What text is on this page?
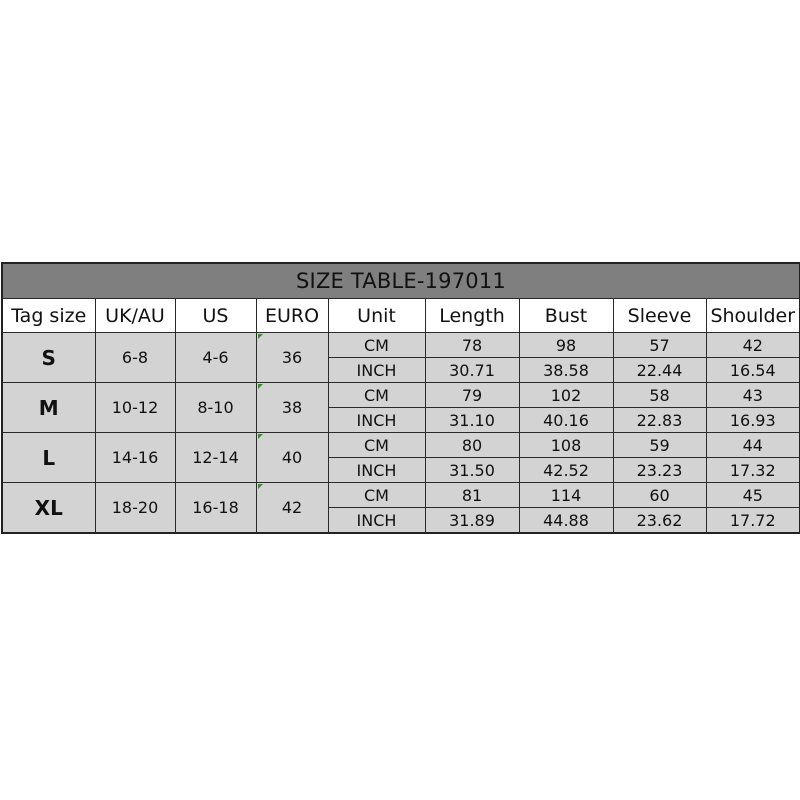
SIZE TABLE-197011								
Tag size	UK/AU	US	EURO	Unit	Length	Bust	Sleeve	Shoulder
S	6-8	4-6	36	CM	78	98	57	42
				INCH	30.71	38.58	22.44	16.54
M	10-12	8-10	38	CM	79	102	58	43
				INCH	31.10	40.16	22.83	16.93
L	14-16	12-14	40	CM	80	108	59	44
				INCH	31.50	42.52	23.23	17.32
XL	18-20	16-18	42	CM	81	114	60	45
				INCH	31.89	44.88	23.62	17.72
